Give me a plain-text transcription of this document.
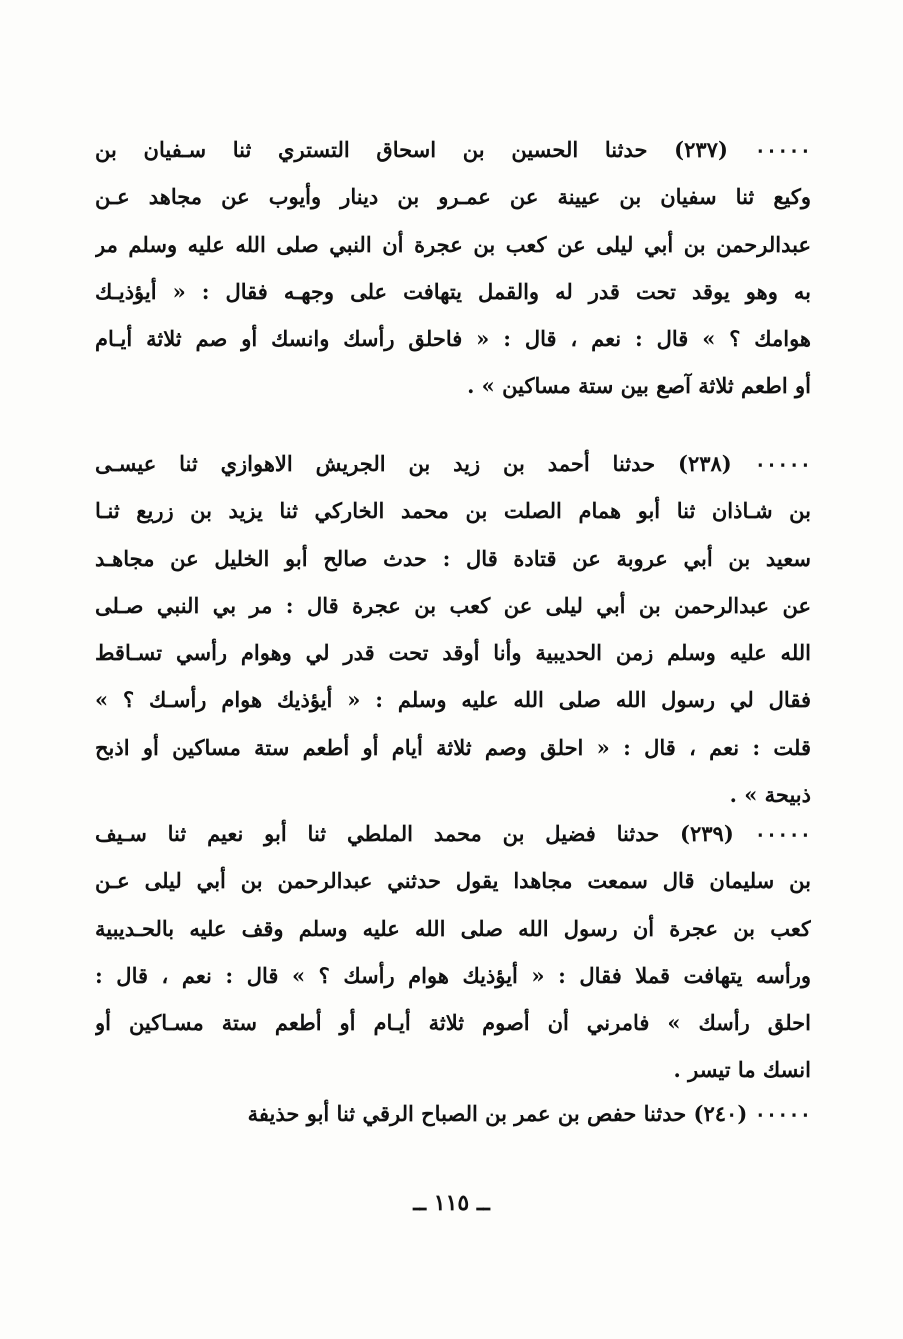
٠٠٠٠٠ (٢٣٧) حدثنا الحسين بن اسحاق التستري ثنا سـفيان بن
وكيع ثنا سفيان بن عيينة عن عمـرو بن دينار وأيوب عن مجاهد عـن
عبدالرحمن بن أبي ليلى عن كعب بن عجرة أن النبي صلى الله عليه وسلم مر
به وهو يوقد تحت قدر له والقمل يتهافت على وجهـه فقال : « أيؤذيـك
هوامك ؟ » قال : نعم ، قال : « فاحلق رأسك وانسك أو صم ثلاثة أيـام
أو اطعم ثلاثة آصع بين ستة مساكين » .
٠٠٠٠٠ (٢٣٨) حدثنا أحمد بن زيد بن الجريش الاهوازي ثنا عيسـى
بن شـاذان ثنا أبو همام الصلت بن محمد الخاركي ثنا يزيد بن زريع ثنـا
سعيد بن أبي عروبة عن قتادة قال : حدث صالح أبو الخليل عن مجاهـد
عن عبدالرحمن بن أبي ليلى عن كعب بن عجرة قال : مر بي النبي صـلى
الله عليه وسلم زمن الحديبية وأنا أوقد تحت قدر لي وهوام رأسي تسـاقط
فقال لي رسول الله صلى الله عليه وسلم : « أيؤذيك هوام رأسـك ؟ »
قلت : نعم ، قال : « احلق وصم ثلاثة أيام أو أطعم ستة مساكين أو اذبح
ذبيحة » .
٠٠٠٠٠ (٢٣٩) حدثنا فضيل بن محمد الملطي ثنا أبو نعيم ثنا سـيف
بن سليمان قال سمعت مجاهدا يقول حدثني عبدالرحمن بن أبي ليلى عـن
كعب بن عجرة أن رسول الله صلى الله عليه وسلم وقف عليه بالحـديبية
ورأسه يتهافت قملا فقال : « أيؤذيك هوام رأسك ؟ » قال : نعم ، قال :
احلق رأسك » فامرني أن أصوم ثلاثة أيـام أو أطعم ستة مسـاكين أو
انسك ما تيسر .
٠٠٠٠٠ (٢٤٠) حدثنا حفص بن عمر بن الصباح الرقي ثنا أبو حذيفة
ــ ١١٥ ــ
